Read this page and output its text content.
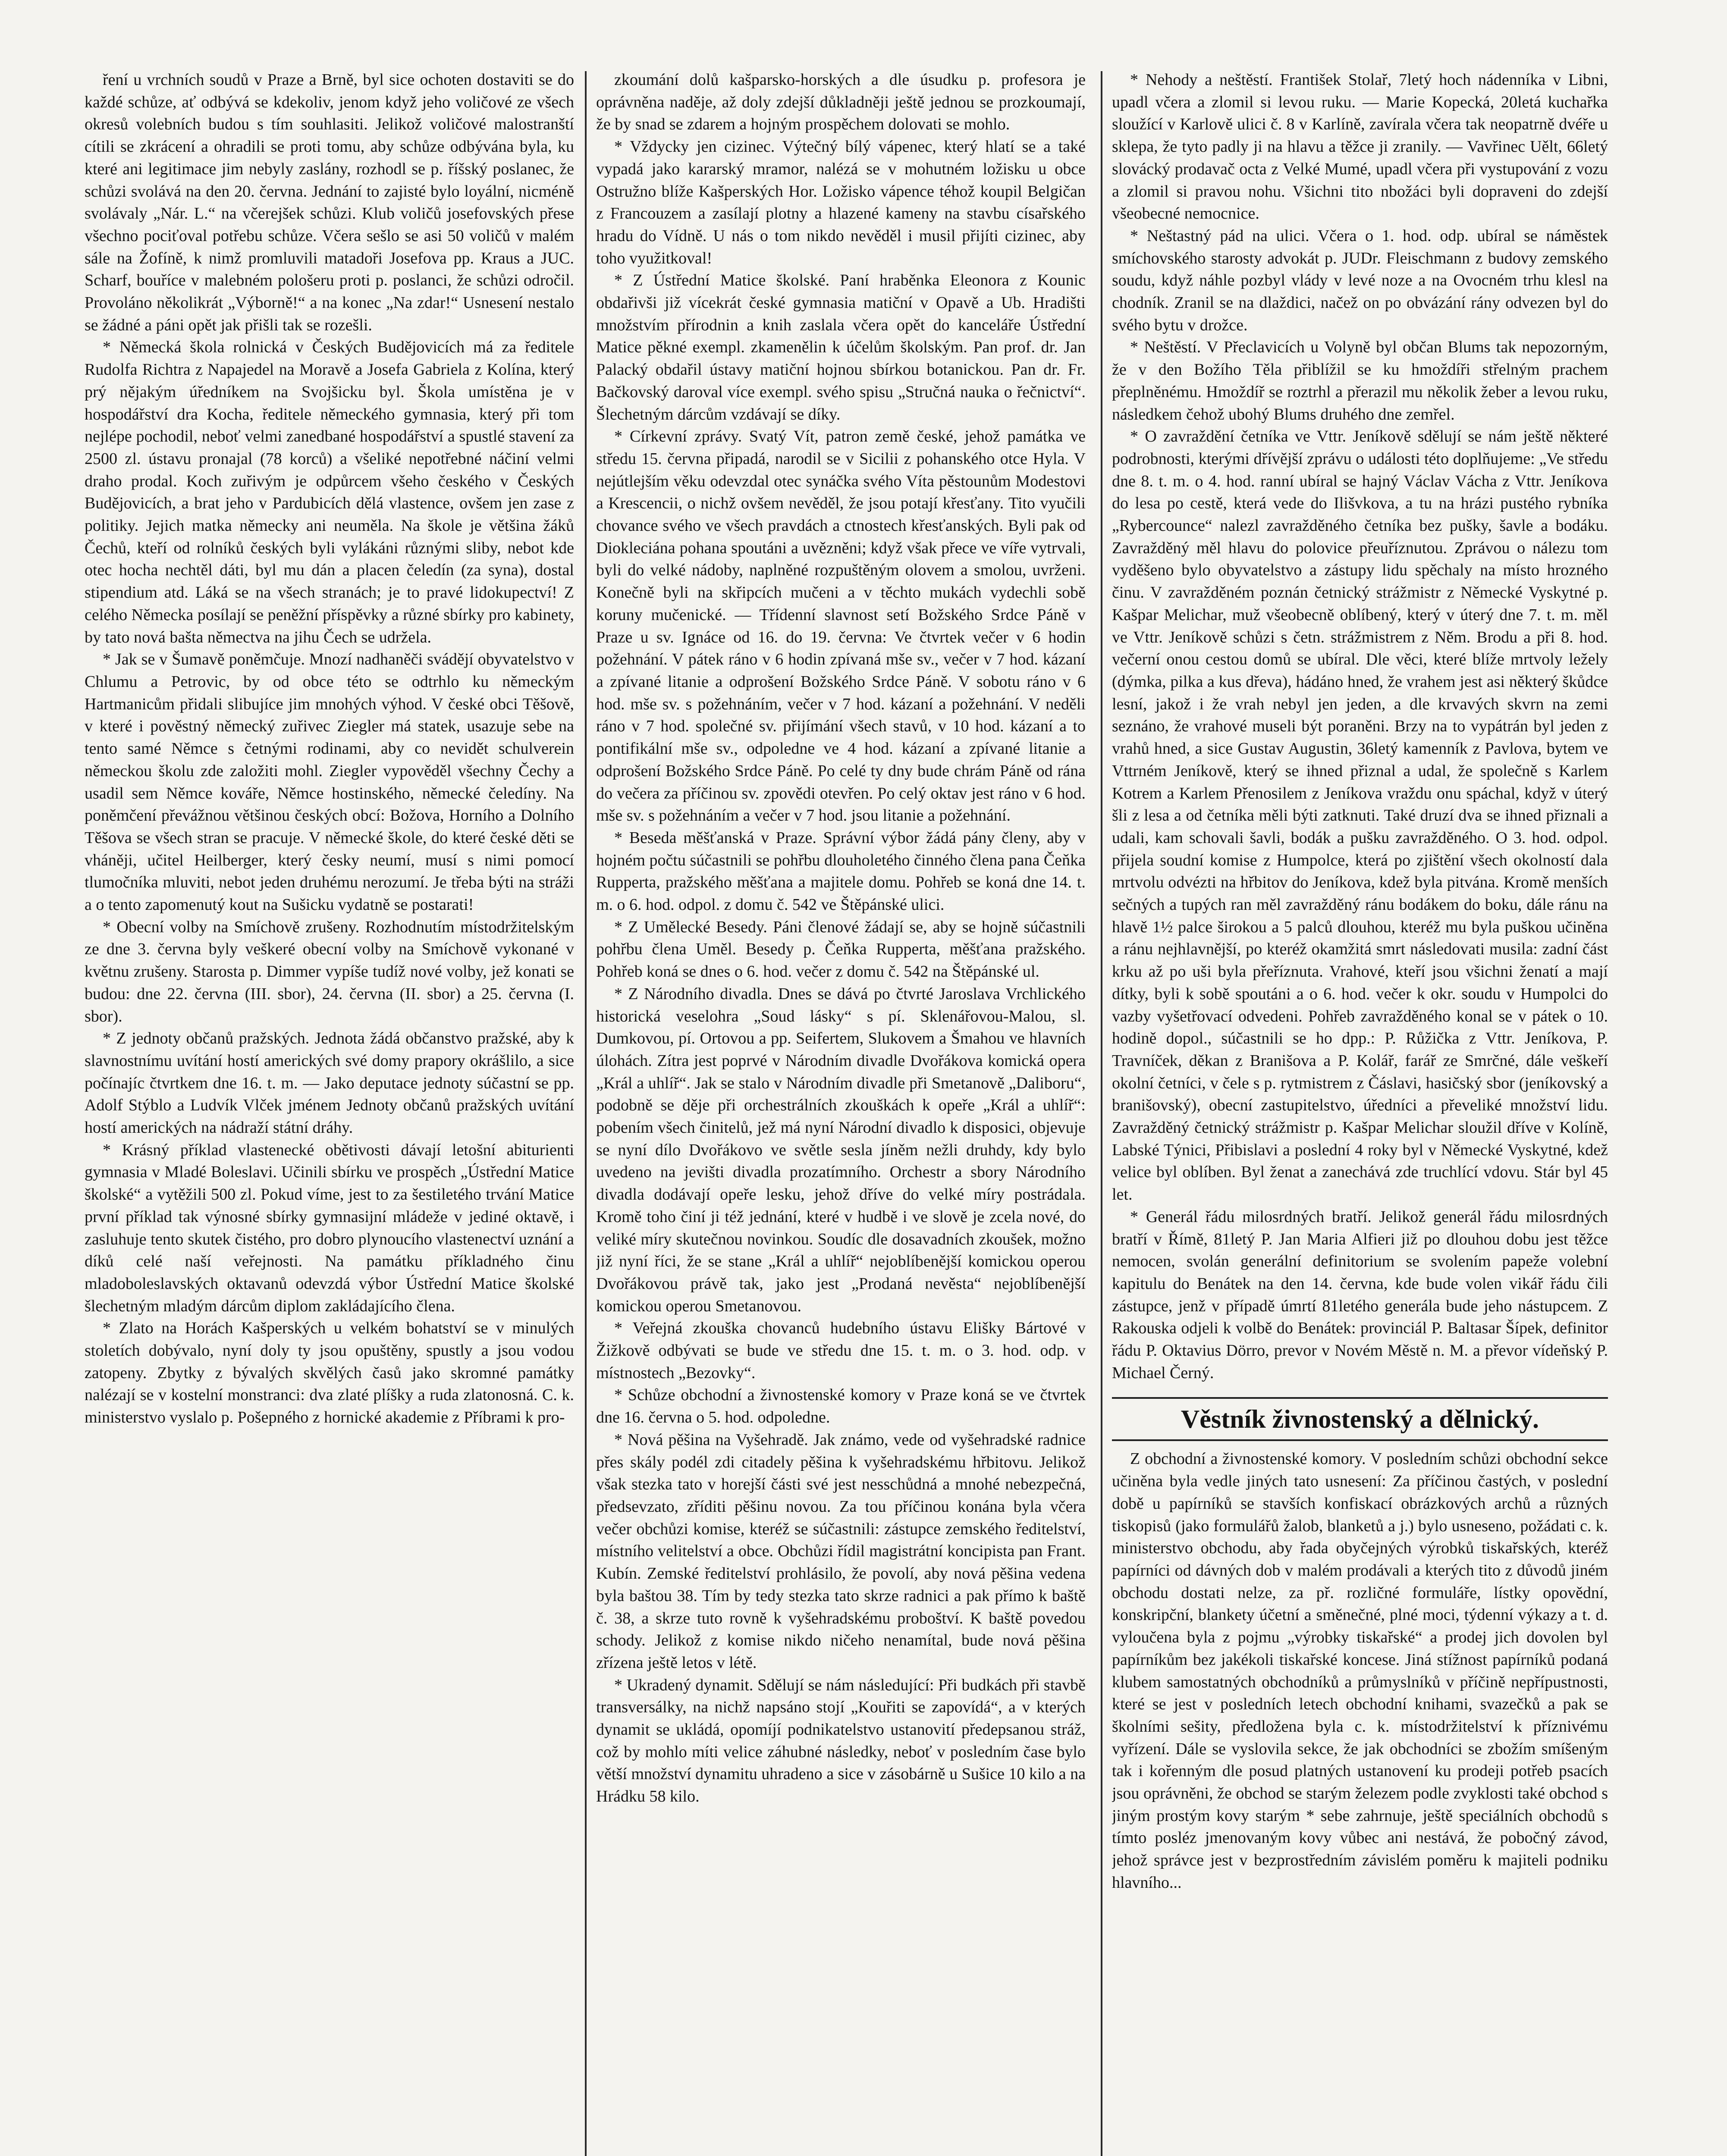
ření u vrchních soudů v Praze a Brně, byl sice ochoten dostaviti se do každé schůze, ať odbývá se kdekoliv, jenom když jeho voličové ze všech okresů volebních budou s tím souhlasiti. Jelikož voličové malostranští cítili se zkrácení a ohradili se proti tomu, aby schůze odbývána byla, ku které ani legitimace jim nebyly zaslány, rozhodl se p. říšský poslanec, že schůzi svolává na den 20. června. Jednání to zajisté bylo loyální, nicméně svolávaly „Nár. L.“ na včerejšek schůzi. Klub voličů josefovských přese všechno pociťoval potřebu schůze. Včera sešlo se asi 50 voličů v malém sále na Žofíně, k nimž promluvili matadoři Josefova pp. Kraus a JUC. Scharf, bouříce v malebném pološeru proti p. poslanci, že schůzi odročil. Provoláno několikrát „Výborně!“ a na konec „Na zdar!“ Usnesení nestalo se žádné a páni opět jak přišli tak se rozešli.

* Německá škola rolnická v Českých Budějovicích má za ředitele Rudolfa Richtra z Napajedel na Moravě a Josefa Gabriela z Kolína, který prý nějakým úředníkem na Svojšicku byl. Škola umístěna je v hospodářství dra Kocha, ředitele německého gymnasia, který při tom nejlépe pochodil, neboť velmi zanedbané hospodářství a spustlé stavení za 2500 zl. ústavu pronajal (78 korců) a všeliké nepotřebné náčiní velmi draho prodal. Koch zuřivým je odpůrcem všeho českého v Českých Budějovicích, a brat jeho v Pardubicích dělá vlastence, ovšem jen zase z politiky. Jejich matka německy ani neuměla. Na škole je většina žáků Čechů, kteří od rolníků českých byli vylákáni různými sliby, nebot kde otec hocha nechtěl dáti, byl mu dán a placen čeledín (za syna), dostal stipendium atd. Láká se na všech stranách; je to pravé lidokupectví! Z celého Německa posílají se peněžní příspěvky a různé sbírky pro kabinety, by tato nová bašta němectva na jihu Čech se udržela.

* Jak se v Šumavě poněmčuje. Mnozí nadhaněči svádějí obyvatelstvo v Chlumu a Petrovic, by od obce této se odtrhlo ku německým Hartmanicům přidali slibujíce jim mnohých výhod. V české obci Těšově, v které i pověstný německý zuřivec Ziegler má statek, usazuje sebe na tento samé Němce s četnými rodinami, aby co nevidět schulverein německou školu zde založiti mohl. Ziegler vypověděl všechny Čechy a usadil sem Němce kováře, Němce hostinského, německé čeledíny. Na poněmčení převážnou většinou českých obcí: Božova, Horního a Dolního Těšova se všech stran se pracuje. V německé škole, do které české děti se vháněji, učitel Heilberger, který česky neumí, musí s nimi pomocí tlumočníka mluviti, nebot jeden druhému nerozumí. Je třeba býti na stráži a o tento zapomenutý kout na Sušicku vydatně se postarati!

* Obecní volby na Smíchově zrušeny. Rozhodnutím místodržitelským ze dne 3. června byly veškeré obecní volby na Smíchově vykonané v květnu zrušeny. Starosta p. Dimmer vypíše tudíž nové volby, jež konati se budou: dne 22. června (III. sbor), 24. června (II. sbor) a 25. června (I. sbor).

* Z jednoty občanů pražských. Jednota žádá občanstvo pražské, aby k slavnostnímu uvítání hostí amerických své domy prapory okrášlilo, a sice počínajíc čtvrtkem dne 16. t. m. — Jako deputace jednoty súčastní se pp. Adolf Stýblo a Ludvík Vlček jménem Jednoty občanů pražských uvítání hostí amerických na nádraží státní dráhy.

* Krásný příklad vlastenecké obětivosti dávají letošní abiturienti gymnasia v Mladé Boleslavi. Učinili sbírku ve prospěch „Ústřední Matice školské“ a vytěžili 500 zl. Pokud víme, jest to za šestiletého trvání Matice první příklad tak výnosné sbírky gymnasijní mládeže v jediné oktavě, i zasluhuje tento skutek čistého, pro dobro plynoucího vlastenectví uznání a díků celé naší veřejnosti. Na památku příkladného činu mladoboleslavských oktavanů odevzdá výbor Ústřední Matice školské šlechetným mladým dárcům diplom zakládajícího člena.

* Zlato na Horách Kašperských u velkém bohatství se v minulých stoletích dobývalo, nyní doly ty jsou opuštěny, spustly a jsou vodou zatopeny. Zbytky z bývalých skvělých časů jako skromné památky nalézají se v kostelní monstranci: dva zlaté plíšky a ruda zlatonosná. C. k. ministerstvo vyslalo p. Pošepného z hornické akademie z Příbrami k pro-

zkoumání dolů kašparsko-horských a dle úsudku p. profesora je oprávněna naděje, až doly zdejší důkladněji ještě jednou se prozkoumají, že by snad se zdarem a hojným prospěchem dolovati se mohlo.

* Vždycky jen cizinec. Výtečný bílý vápenec, který hlatí se a také vypadá jako kararský mramor, nalézá se v mohutném ložisku u obce Ostružno blíže Kašperských Hor. Ložisko vápence téhož koupil Belgičan z Francouzem a zasílají plotny a hlazené kameny na stavbu císařského hradu do Vídně. U nás o tom nikdo nevěděl i musil přijíti cizinec, aby toho využitkoval!

* Z Ústřední Matice školské. Paní hraběnka Eleonora z Kounic obdařivši již vícekrát české gymnasia matiční v Opavě a Ub. Hradišti množstvím přírodnin a knih zaslala včera opět do kanceláře Ústřední Matice pěkné exempl. zkamenělin k účelům školským. Pan prof. dr. Jan Palacký obdařil ústavy matiční hojnou sbírkou botanickou. Pan dr. Fr. Bačkovský daroval více exempl. svého spisu „Stručná nauka o řečnictví“. Šlechetným dárcům vzdávají se díky.

* Církevní zprávy. Svatý Vít, patron země české, jehož památka ve středu 15. června připadá, narodil se v Sicilii z pohanského otce Hyla. V nejútlejším věku odevzdal otec synáčka svého Víta pěstounům Modestovi a Krescencii, o nichž ovšem nevěděl, že jsou potají křesťany. Tito vyučili chovance svého ve všech pravdách a ctnostech křesťanských. Byli pak od Diokleciána pohana spoutáni a uvězněni; když však přece ve víře vytrvali, byli do velké nádoby, naplněné rozpuštěným olovem a smolou, uvrženi. Konečně byli na skřipcích mučeni a v těchto mukách vydechli sobě koruny mučenické. — Třídenní slavnost setí Božského Srdce Páně v Praze u sv. Ignáce od 16. do 19. června: Ve čtvrtek večer v 6 hodin požehnání. V pátek ráno v 6 hodin zpívaná mše sv., večer v 7 hod. kázaní a zpívané litanie a odprošení Božského Srdce Páně. V sobotu ráno v 6 hod. mše sv. s požehnáním, večer v 7 hod. kázaní a požehnání. V neděli ráno v 7 hod. společné sv. přijímání všech stavů, v 10 hod. kázaní a to pontifikální mše sv., odpoledne ve 4 hod. kázaní a zpívané litanie a odprošení Božského Srdce Páně. Po celé ty dny bude chrám Páně od rána do večera za příčinou sv. zpovědi otevřen. Po celý oktav jest ráno v 6 hod. mše sv. s požehnáním a večer v 7 hod. jsou litanie a požehnání.

* Beseda měšťanská v Praze. Správní výbor žádá pány členy, aby v hojném počtu súčastnili se pohřbu dlouholetého činného člena pana Čeňka Rupperta, pražského měšťana a majitele domu. Pohřeb se koná dne 14. t. m. o 6. hod. odpol. z domu č. 542 ve Štěpánské ulici.

* Z Umělecké Besedy. Páni členové žádají se, aby se hojně súčastnili pohřbu člena Uměl. Besedy p. Čeňka Rupperta, měšťana pražského. Pohřeb koná se dnes o 6. hod. večer z domu č. 542 na Štěpánské ul.

* Z Národního divadla. Dnes se dává po čtvrté Jaroslava Vrchlického historická veselohra „Soud lásky“ s pí. Sklenářovou-Malou, sl. Dumkovou, pí. Ortovou a pp. Seifertem, Slukovem a Šmahou ve hlavních úlohách. Zítra jest poprvé v Národním divadle Dvořákova komická opera „Král a uhlíř“. Jak se stalo v Národním divadle při Smetanově „Daliboru“, podobně se děje při orchestrálních zkouškách k opeře „Král a uhlíř“: pobením všech činitelů, jež má nyní Národní divadlo k disposici, objevuje se nyní dílo Dvořákovo ve světle sesla jíněm nežli druhdy, kdy bylo uvedeno na jevišti divadla prozatímního. Orchestr a sbory Národního divadla dodávají opeře lesku, jehož dříve do velké míry postrádala. Kromě toho činí ji též jednání, které v hudbě i ve slově je zcela nové, do veliké míry skutečnou novinkou. Soudíc dle dosavadních zkoušek, možno již nyní říci, že se stane „Král a uhlíř“ nejoblíbenější komickou operou Dvořákovou právě tak, jako jest „Prodaná nevěsta“ nejoblíbenější komickou operou Smetanovou.

* Veřejná zkouška chovanců hudebního ústavu Elišky Bártové v Žižkově odbývati se bude ve středu dne 15. t. m. o 3. hod. odp. v místnostech „Bezovky“.

* Schůze obchodní a živnostenské komory v Praze koná se ve čtvrtek dne 16. června o 5. hod. odpoledne.

* Nová pěšina na Vyšehradě. Jak známo, vede od vyšehradské radnice přes skály podél zdi citadely pěšina k vyšehradskému hřbitovu. Jelikož však stezka tato v horejší části své jest nesschůdná a mnohé nebezpečná, předsevzato, zříditi pěšinu novou. Za tou příčinou konána byla včera večer obchůzi komise, kteréž se súčastnili: zástupce zemského ředitelství, místního velitelství a obce. Obchůzi řídil magistrátní koncipista pan Frant. Kubín. Zemské ředitelství prohlásilo, že povolí, aby nová pěšina vedena byla baštou 38. Tím by tedy stezka tato skrze radnici a pak přímo k baště č. 38, a skrze tuto rovně k vyšehradskému proboštví. K baště povedou schody. Jelikož z komise nikdo ničeho nenamítal, bude nová pěšina zřízena ještě letos v létě.

* Ukradený dynamit. Sdělují se nám následující: Při budkách při stavbě transversálky, na nichž napsáno stojí „Kouřiti se zapovídá“, a v kterých dynamit se ukládá, opomíjí podnikatelstvo ustanovití předepsanou stráž, což by mohlo míti velice záhubné následky, neboť v posledním čase bylo větší množství dynamitu uhradeno a sice v zásobárně u Sušice 10 kilo a na Hrádku 58 kilo.

* Nehody a neštěstí. František Stolař, 7letý hoch nádenníka v Libni, upadl včera a zlomil si levou ruku. — Marie Kopecká, 20letá kuchařka sloužící v Karlově ulici č. 8 v Karlíně, zavírala včera tak neopatrně dvéře u sklepa, že tyto padly ji na hlavu a těžce ji zranily. — Vavřinec Uělt, 66letý slovácký prodavač octa z Velké Mumé, upadl včera při vystupování z vozu a zlomil si pravou nohu. Všichni tito nbožáci byli dopraveni do zdejší všeobecné nemocnice.

* Neštastný pád na ulici. Včera o 1. hod. odp. ubíral se náměstek smíchovského starosty advokát p. JUDr. Fleischmann z budovy zemského soudu, když náhle pozbyl vlády v levé noze a na Ovocném trhu klesl na chodník. Zranil se na dlaždici, načež on po obvázání rány odvezen byl do svého bytu v drožce.

* Neštěstí. V Přeclavicích u Volyně byl občan Blums tak nepozorným, že v den Božího Těla přiblížil se ku hmoždíři střelným prachem přeplněnému. Hmoždíř se roztrhl a přerazil mu několik žeber a levou ruku, následkem čehož ubohý Blums druhého dne zemřel.

* O zavraždění četníka ve Vttr. Jeníkově sdělují se nám ještě některé podrobnosti, kterými dřívější zprávu o události této doplňujeme: „Ve středu dne 8. t. m. o 4. hod. ranní ubíral se hajný Václav Vácha z Vttr. Jeníkova do lesa po cestě, která vede do Ilišvkova, a tu na hrázi pustého rybníka „Rybercounce“ nalezl zavražděného četníka bez pušky, šavle a bodáku. Zavražděný měl hlavu do polovice přeuříznutou. Zprávou o nálezu tom vyděšeno bylo obyvatelstvo a zástupy lidu spěchaly na místo hrozného činu. V zavražděném poznán četnický strážmistr z Německé Vyskytné p. Kašpar Melichar, muž všeobecně oblíbený, který v úterý dne 7. t. m. měl ve Vttr. Jeníkově schůzi s četn. strážmistrem z Něm. Brodu a při 8. hod. večerní onou cestou domů se ubíral. Dle věci, které blíže mrtvoly ležely (dýmka, pilka a kus dřeva), hádáno hned, že vrahem jest asi některý škůdce lesní, jakož i že vrah nebyl jen jeden, a dle krvavých skvrn na zemi seznáno, že vrahové museli být poraněni. Brzy na to vypátrán byl jeden z vrahů hned, a sice Gustav Augustin, 36letý kamenník z Pavlova, bytem ve Vttrném Jeníkově, který se ihned přiznal a udal, že společně s Karlem Kotrem a Karlem Přenosilem z Jeníkova vraždu onu spáchal, když v úterý šli z lesa a od četníka měli býti zatknuti. Také druzí dva se ihned přiznali a udali, kam schovali šavli, bodák a pušku zavražděného. O 3. hod. odpol. přijela soudní komise z Humpolce, která po zjištění všech okolností dala mrtvolu odvézti na hřbitov do Jeníkova, kdež byla pitvána. Kromě menších sečných a tupých ran měl zavražděný ránu bodákem do boku, dále ránu na hlavě 1½ palce širokou a 5 palců dlouhou, kteréž mu byla puškou učiněna a ránu nejhlavnější, po kteréž okamžitá smrt následovati musila: zadní část krku až po uši byla přeříznuta. Vrahové, kteří jsou všichni ženatí a mají dítky, byli k sobě spoutáni a o 6. hod. večer k okr. soudu v Humpolci do vazby vyšetřovací odvedeni. Pohřeb zavražděného konal se v pátek o 10. hodině dopol., súčastnili se ho dpp.: P. Růžička z Vttr. Jeníkova, P. Travníček, děkan z Branišova a P. Kolář, farář ze Smrčné, dále veškeří okolní četníci, v čele s p. rytmistrem z Čáslavi, hasičský sbor (jeníkovský a branišovský), obecní zastupitelstvo, úředníci a převeliké množství lidu. Zavražděný četnický strážmistr p. Kašpar Melichar sloužil dříve v Kolíně, Labské Týnici, Přibislavi a poslední 4 roky byl v Německé Vyskytné, kdež velice byl oblíben. Byl ženat a zanechává zde truchlící vdovu. Stár byl 45 let.

* Generál řádu milosrdných bratří. Jelikož generál řádu milosrdných bratří v Římě, 81letý P. Jan Maria Alfieri již po dlouhou dobu jest těžce nemocen, svolán generální definitorium se svolením papeže volební kapitulu do Benátek na den 14. června, kde bude volen vikář řádu čili zástupce, jenž v případě úmrtí 81letého generála bude jeho nástupcem. Z Rakouska odjeli k volbě do Benátek: provinciál P. Baltasar Šípek, definitor řádu P. Oktavius Dörro, prevor v Novém Městě n. M. a převor vídeňský P. Michael Černý.

Věstník živnostenský a dělnický.

Z obchodní a živnostenské komory. V posledním schůzi obchodní sekce učiněna byla vedle jiných tato usnesení: Za příčinou častých, v poslední době u papírníků se stavších konfiskací obrázkových archů a různých tiskopisů (jako formulářů žalob, blanketů a j.) bylo usneseno, požádati c. k. ministerstvo obchodu, aby řada obyčejných výrobků tiskařských, kteréž papírníci od dávných dob v malém prodávali a kterých tito z důvodů jiném obchodu dostati nelze, za př. rozličné formuláře, lístky opovědní, konskripční, blankety účetní a směnečné, plné moci, týdenní výkazy a t. d. vyloučena byla z pojmu „výrobky tiskařské“ a prodej jich dovolen byl papírníkům bez jakékoli tiskařské koncese. Jiná stížnost papírníků podaná klubem samostatných obchodníků a průmyslníků v příčině nepřípustnosti, které se jest v posledních letech obchodní knihami, svazečků a pak se školními sešity, předložena byla c. k. místodržitelství k příznivému vyřízení. Dále se vyslovila sekce, že jak obchodníci se zbožím smíšeným tak i kořenným dle posud platných ustanovení ku prodeji potřeb psacích jsou oprávněni, že obchod se starým železem podle zvyklosti také obchod s jiným prostým kovy starým * sebe zahrnuje, ještě speciálních obchodů s tímto posléz jmenovaným kovy vůbec ani nestává, že pobočný závod, jehož správce jest v bezprostředním závislém poměru k majiteli podniku hlavního...
